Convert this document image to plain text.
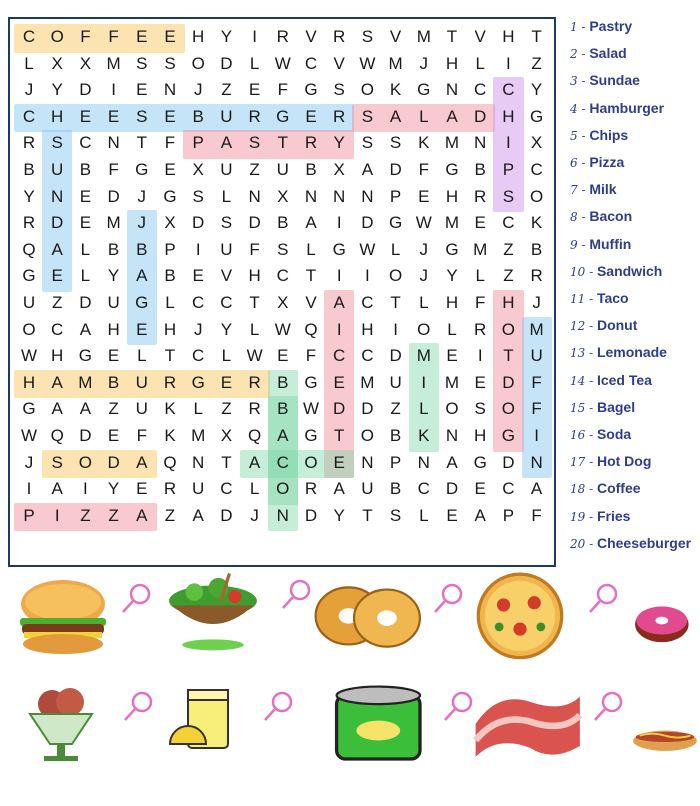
C O F	F	E E H Y	I	R V R S V M T	V H T
L	X X M S S O D	L W C V W M J	H	L	I	Z
J	Y D	I	E N	J	Z	E	F G S O K G N C C Y
C H E E S E B U R G E R S A	L	A D H G
R S C N T	F	P A S	T R Y S S K M N	I	X
B U B	F G E X U Z U B X A D F G B P C
Y N E D	J	G S	L	N X N N N P E H R S O
R D E M J	X D S D B A	I	D G W M E C K
Q A	L	B B P	I	U F	S	L G W L	J	G M Z	B
G E	L	Y A B E V H C T	I	I	O	J	Y	L	Z R
U Z D U G L	C C T	X V A C T	L	H F H	J
O C A H E H	J	Y	L W Q	I	H	I	O L	R O M
W H G E	L	T C	L W E	F C C D M E	I	T U
H A M B U R G E R B G E M U	I	M E D F
G A A	Z U K	L	Z R B W D D Z	L O S O F
W Q D E	F	K M X Q A G T O B K N H G	I
J	S O D A Q N T	A C O E N P N A G D N
I	A	I	Y E R U C	L O R A U B C D E C A
P	I	Z	Z	A	Z	A D	J	N D Y	T	S	L	E A P	F
1 - Pastry
2 - Salad
3 - Sundae
4 - Hamburger
5 - Chips
6 - Pizza
7 - Milk
8 - Bacon
9 - Muffin
10 - Sandwich
11 - Taco
12 - Donut
13 - Lemonade
14 - Iced Tea
15 - Bagel
16 - Soda
17 - Hot Dog
18 - Coffee
19 - Fries
20 - Cheeseburger
